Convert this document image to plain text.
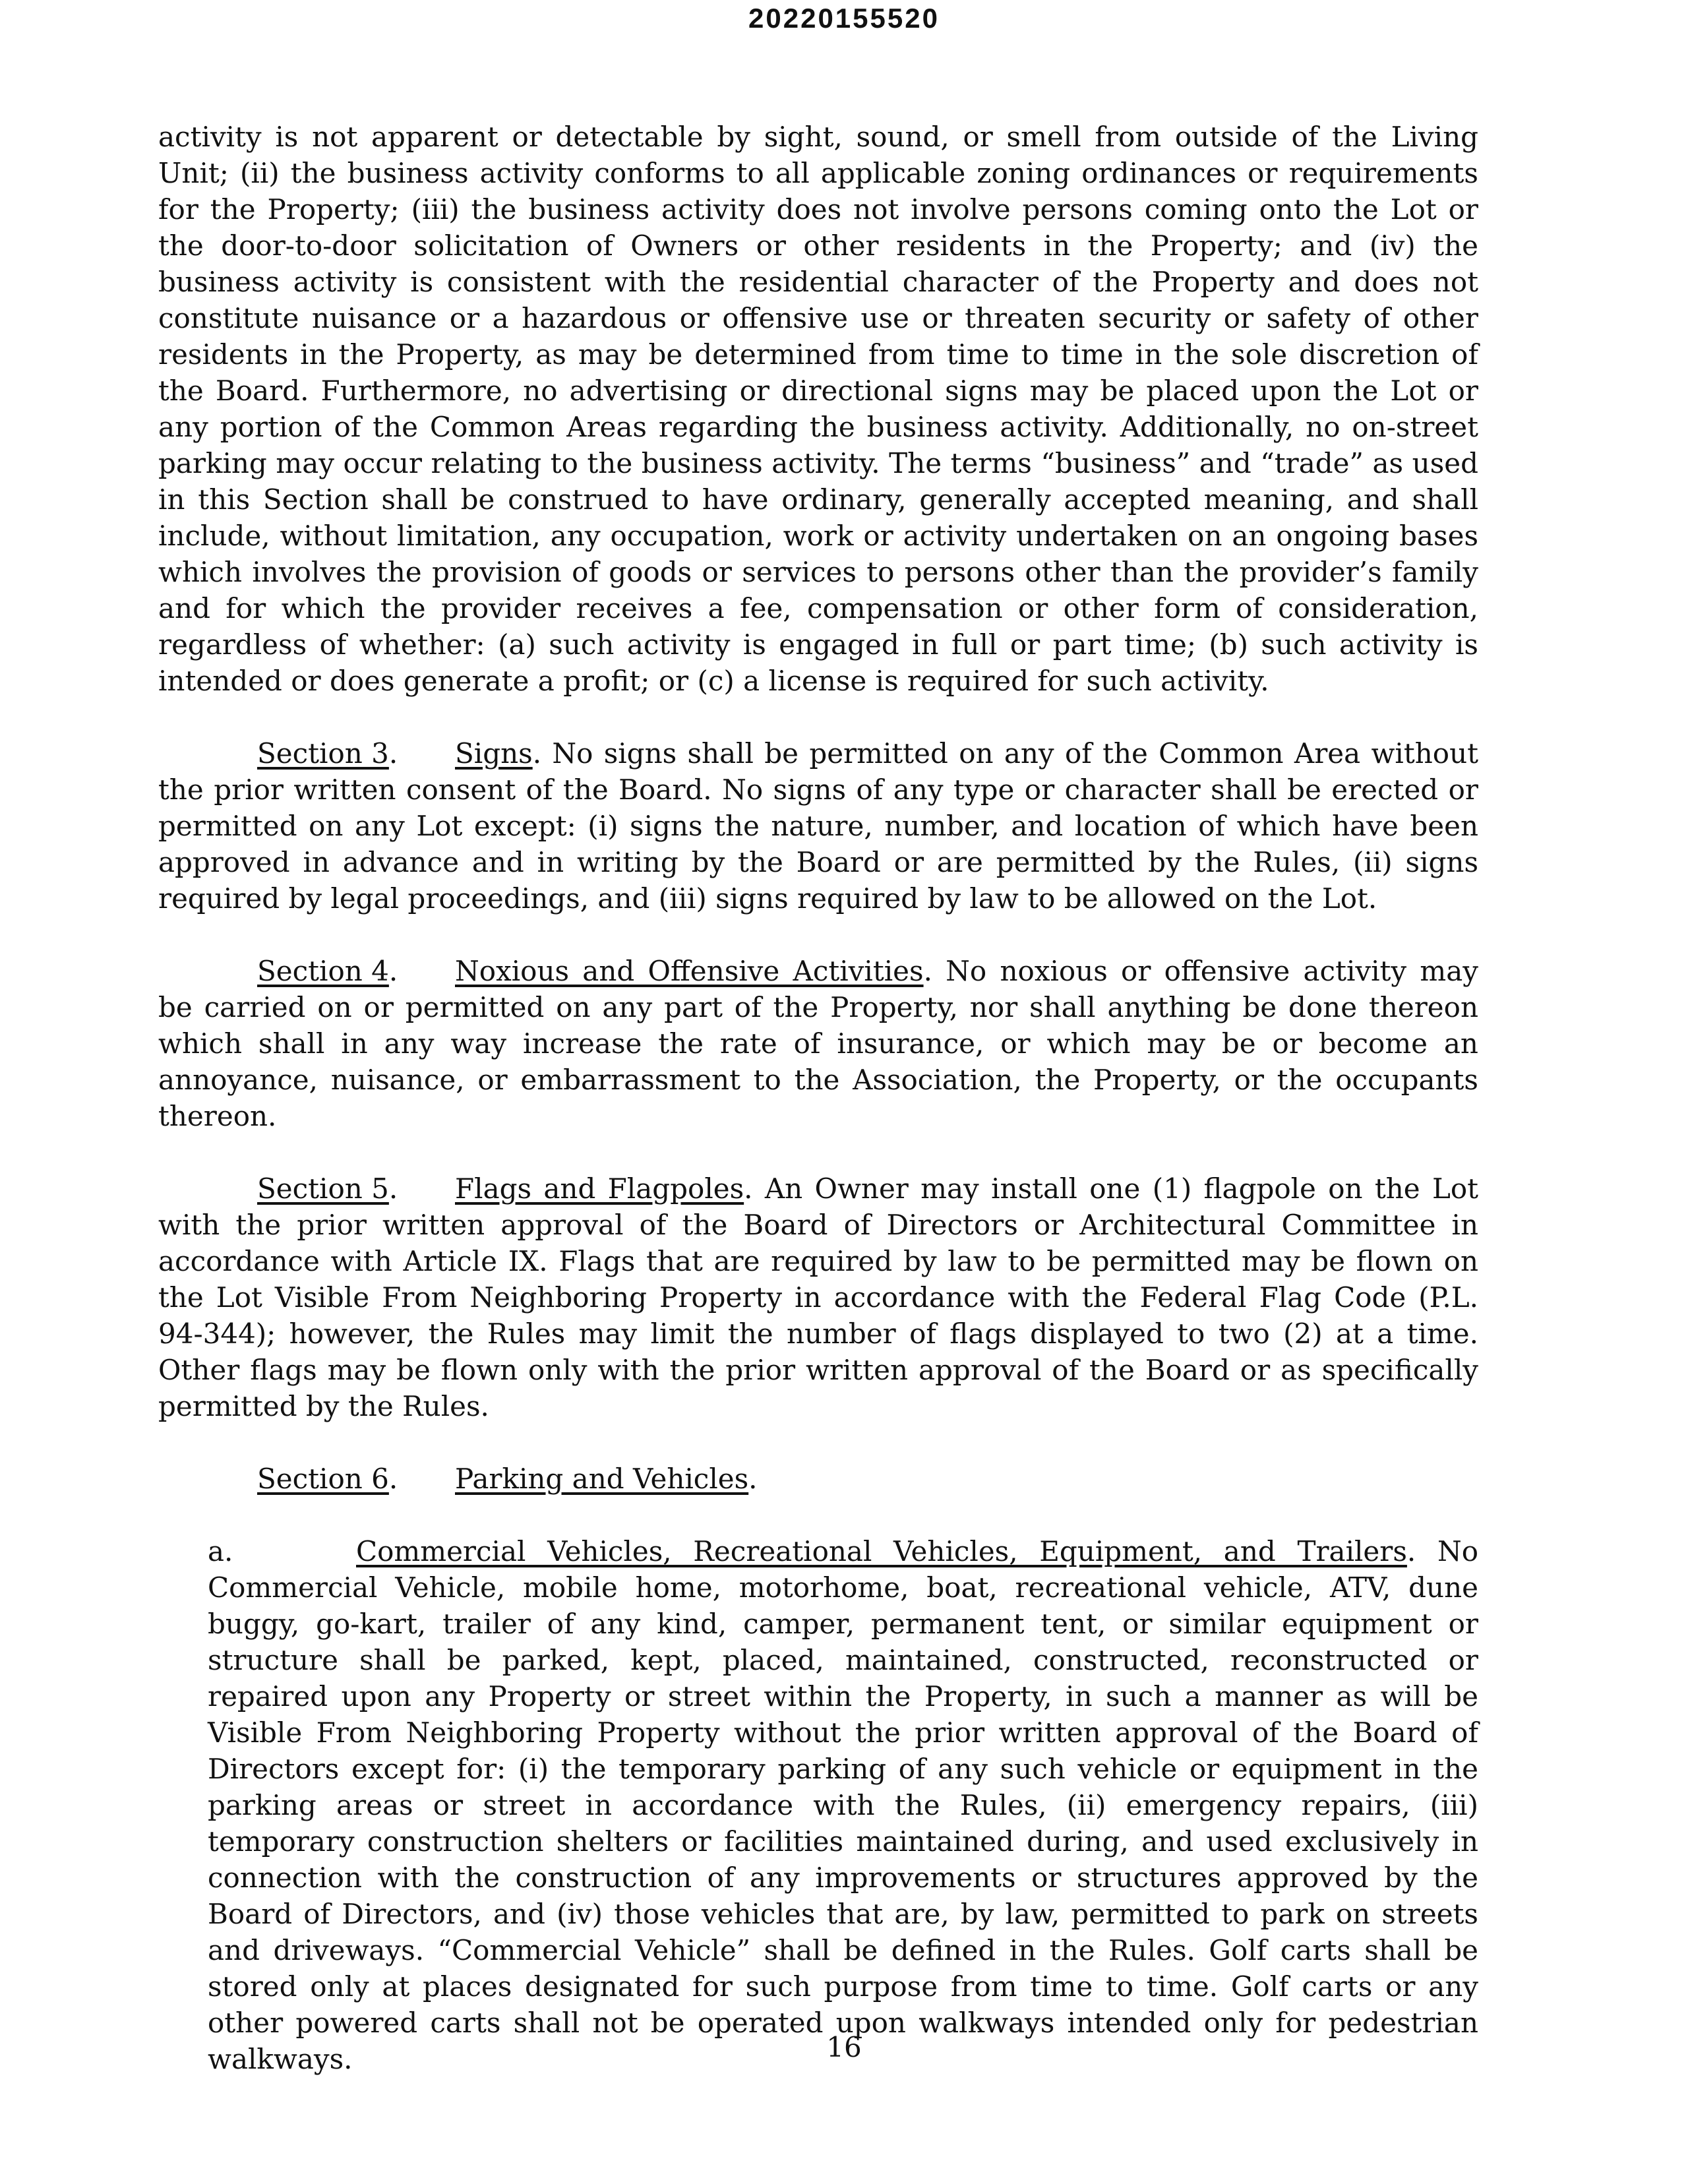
20220155520

activity is not apparent or detectable by sight, sound, or smell from outside of the Living Unit; (ii) the business activity conforms to all applicable zoning ordinances or requirements for the Property; (iii) the business activity does not involve persons coming onto the Lot or the door-to-door solicitation of Owners or other residents in the Property; and (iv) the business activity is consistent with the residential character of the Property and does not constitute nuisance or a hazardous or offensive use or threaten security or safety of other residents in the Property, as may be determined from time to time in the sole discretion of the Board. Furthermore, no advertising or directional signs may be placed upon the Lot or any portion of the Common Areas regarding the business activity. Additionally, no on-street parking may occur relating to the business activity. The terms “business” and “trade” as used in this Section shall be construed to have ordinary, generally accepted meaning, and shall include, without limitation, any occupation, work or activity undertaken on an ongoing bases which involves the provision of goods or services to persons other than the provider’s family and for which the provider receives a fee, compensation or other form of consideration, regardless of whether: (a) such activity is engaged in full or part time; (b) such activity is intended or does generate a profit; or (c) a license is required for such activity.

Section 3. Signs. No signs shall be permitted on any of the Common Area without the prior written consent of the Board. No signs of any type or character shall be erected or permitted on any Lot except: (i) signs the nature, number, and location of which have been approved in advance and in writing by the Board or are permitted by the Rules, (ii) signs required by legal proceedings, and (iii) signs required by law to be allowed on the Lot.

Section 4. Noxious and Offensive Activities. No noxious or offensive activity may be carried on or permitted on any part of the Property, nor shall anything be done thereon which shall in any way increase the rate of insurance, or which may be or become an annoyance, nuisance, or embarrassment to the Association, the Property, or the occupants thereon.

Section 5. Flags and Flagpoles. An Owner may install one (1) flagpole on the Lot with the prior written approval of the Board of Directors or Architectural Committee in accordance with Article IX. Flags that are required by law to be permitted may be flown on the Lot Visible From Neighboring Property in accordance with the Federal Flag Code (P.L. 94-344); however, the Rules may limit the number of flags displayed to two (2) at a time. Other flags may be flown only with the prior written approval of the Board or as specifically permitted by the Rules.

Section 6. Parking and Vehicles.

a.	Commercial Vehicles, Recreational Vehicles, Equipment, and Trailers. No Commercial Vehicle, mobile home, motorhome, boat, recreational vehicle, ATV, dune buggy, go-kart, trailer of any kind, camper, permanent tent, or similar equipment or structure shall be parked, kept, placed, maintained, constructed, reconstructed or repaired upon any Property or street within the Property, in such a manner as will be Visible From Neighboring Property without the prior written approval of the Board of Directors except for: (i) the temporary parking of any such vehicle or equipment in the parking areas or street in accordance with the Rules, (ii) emergency repairs, (iii) temporary construction shelters or facilities maintained during, and used exclusively in connection with the construction of any improvements or structures approved by the Board of Directors, and (iv) those vehicles that are, by law, permitted to park on streets and driveways. “Commercial Vehicle” shall be defined in the Rules. Golf carts shall be stored only at places designated for such purpose from time to time. Golf carts or any other powered carts shall not be operated upon walkways intended only for pedestrian walkways.	16
